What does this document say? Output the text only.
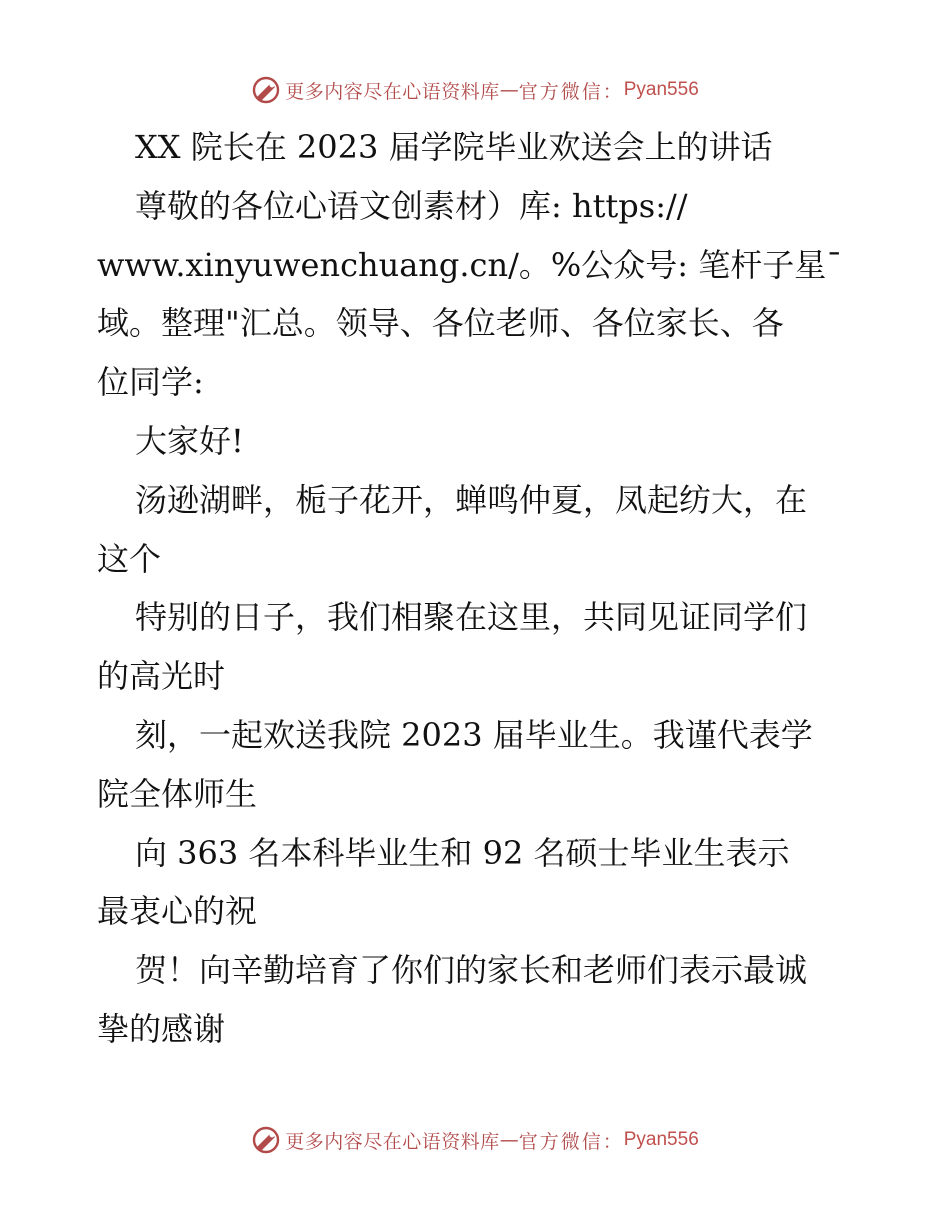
更多内容尽在心语资料库 — 官方微信： Pyan556
XX 院长在 2023 届学院毕业欢送会上的讲话
尊敬的各位心语文创素材）库: https://
www.xinyuwenchuang.cn/。%公众号: 笔杆子星¯
域。整理"汇总。领导、各位老师、各位家长、各
位同学:
大家好!
汤逊湖畔，栀子花开，蝉鸣仲夏，凤起纺大，在
这个
特别的日子，我们相聚在这里，共同见证同学们
的高光时
刻，一起欢送我院 2023 届毕业生。我谨代表学
院全体师生
向 363 名本科毕业生和 92 名硕士毕业生表示
最衷心的祝
贺！向辛勤培育了你们的家长和老师们表示最诚
挚的感谢
更多内容尽在心语资料库 — 官方微信： Pyan556
